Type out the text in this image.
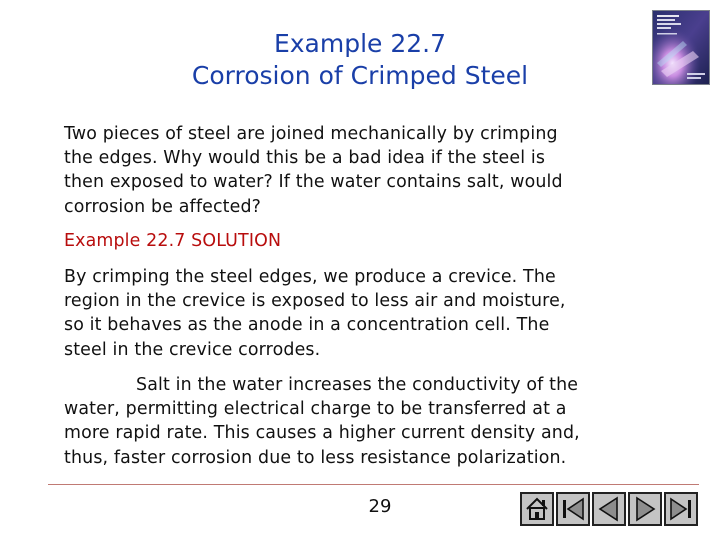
Example 22.7
Corrosion of Crimped Steel
Two pieces of steel are joined mechanically by crimping
the edges. Why would this be a bad idea if the steel is
then exposed to water? If the water contains salt, would
corrosion be affected?
Example 22.7 SOLUTION
By crimping the steel edges, we produce a crevice. The
region in the crevice is exposed to less air and moisture,
so it behaves as the anode in a concentration cell. The
steel in the crevice corrodes.
Salt in the water increases the conductivity of the
water, permitting electrical charge to be transferred at a
more rapid rate. This causes a higher current density and,
thus, faster corrosion due to less resistance polarization.
29
